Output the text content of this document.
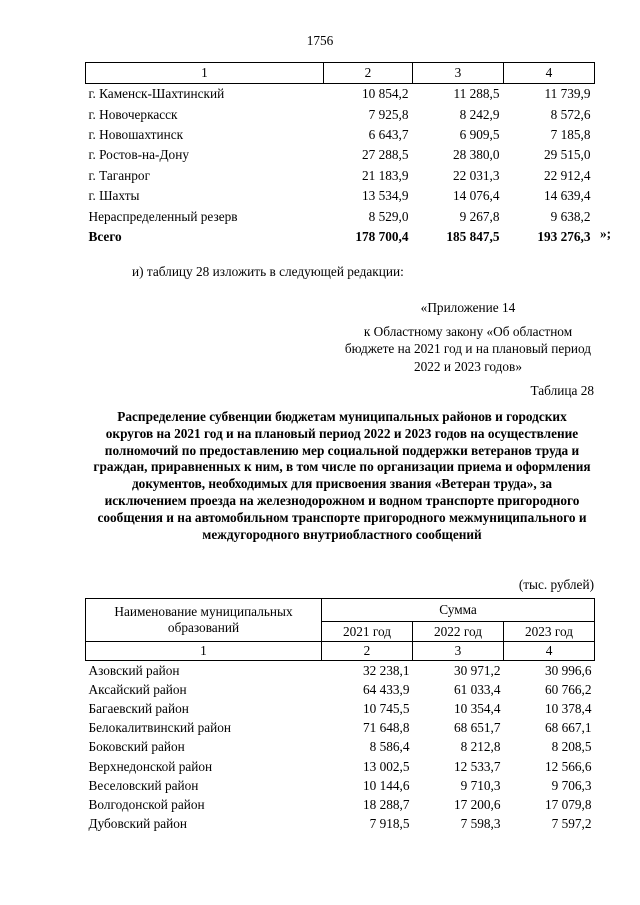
1756
1	2	3	4
г. Каменск-Шахтинский	10 854,2	11 288,5	11 739,9
г. Новочеркасск	7 925,8	8 242,9	8 572,6
г. Новошахтинск	6 643,7	6 909,5	7 185,8
г. Ростов-на-Дону	27 288,5	28 380,0	29 515,0
г. Таганрог	21 183,9	22 031,3	22 912,4
г. Шахты	13 534,9	14 076,4	14 639,4
Нераспределенный резерв	8 529,0	9 267,8	9 638,2
Всего	178 700,4	185 847,5	193 276,3 »;
и) таблицу 28 изложить в следующей редакции:
«Приложение 14
к Областному закону «Об областном бюджете на 2021 год и на плановый период 2022 и 2023 годов»
Таблица 28
Распределение субвенции бюджетам муниципальных районов и городских округов на 2021 год и на плановый период 2022 и 2023 годов на осуществление полномочий по предоставлению мер социальной поддержки ветеранов труда и граждан, приравненных к ним, в том числе по организации приема и оформления документов, необходимых для присвоения звания «Ветеран труда», за исключением проезда на железнодорожном и водном транспорте пригородного сообщения и на автомобильном транспорте пригородного межмуниципального и междугородного внутриобластного сообщений
(тыс. рублей)
Наименование муниципальных образований	Сумма		
	2021 год	2022 год	2023 год
1	2	3	4
Азовский район	32 238,1	30 971,2	30 996,6
Аксайский район	64 433,9	61 033,4	60 766,2
Багаевский район	10 745,5	10 354,4	10 378,4
Белокалитвинский район	71 648,8	68 651,7	68 667,1
Боковский район	8 586,4	8 212,8	8 208,5
Верхнедонской район	13 002,5	12 533,7	12 566,6
Веселовский район	10 144,6	9 710,3	9 706,3
Волгодонской район	18 288,7	17 200,6	17 079,8
Дубовский район	7 918,5	7 598,3	7 597,2
